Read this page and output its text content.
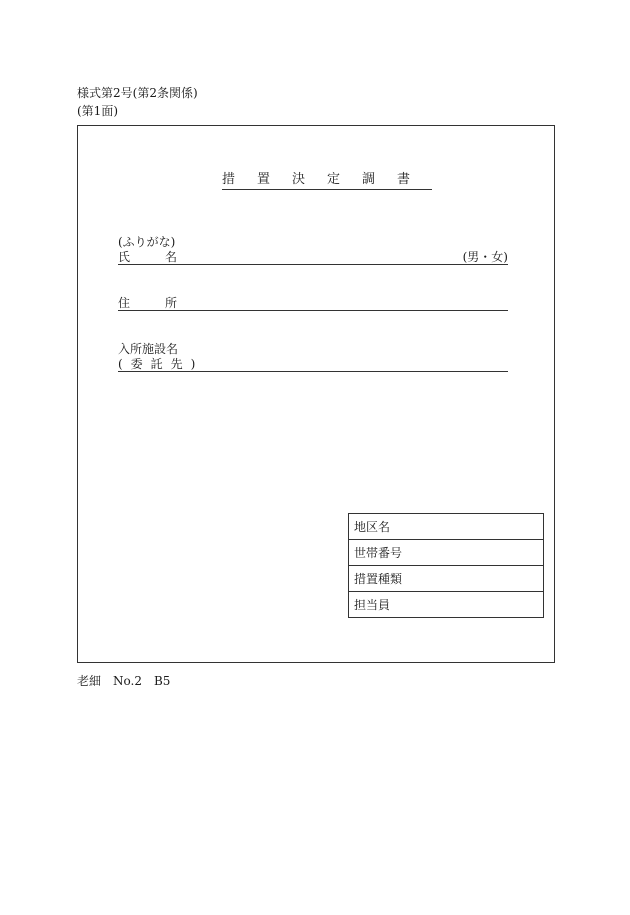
様式第2号(第2条関係)
(第1面)
措置決定調書
(ふりがな)
氏名	(男・女)
住所
入所施設名
(委託先)
地区名
世帯番号
措置種類
担当員
老細　No.2　B5
